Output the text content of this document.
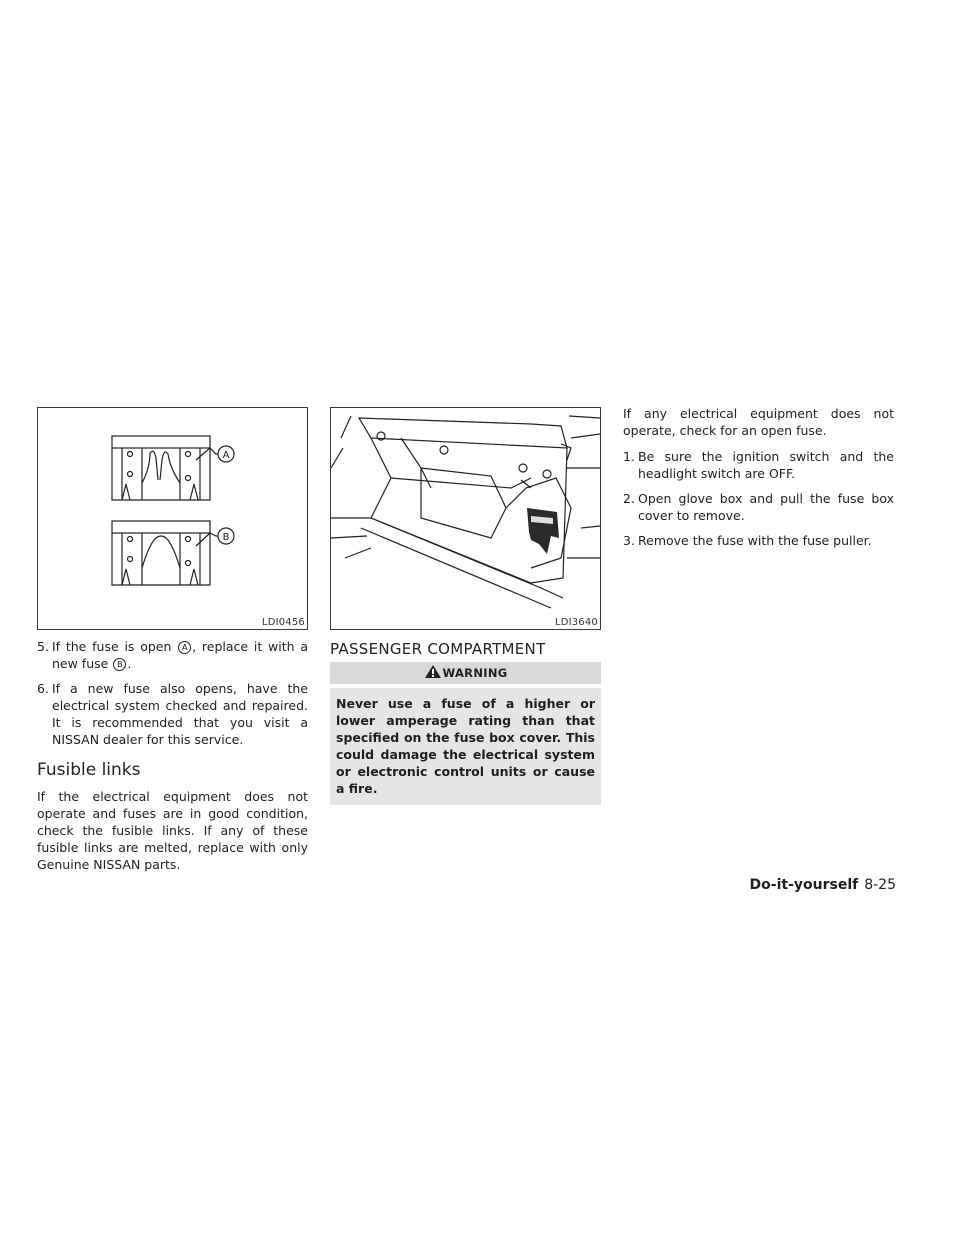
A
B
LDI0456	LDI3640
5. If the fuse is open A , replace it with a new fuse B .
6. If a new fuse also opens, have the electrical system checked and repaired. It is recommended that you visit a NISSAN dealer for this service.
Fusible links

If the electrical equipment does not operate and fuses are in good condition, check the fusible links. If any of these fusible links are melted, replace with only Genuine NISSAN parts.

PASSENGER COMPARTMENT
WARNING
Never use a fuse of a higher or lower amperage rating than that specified on the fuse box cover. This could damage the electrical system or electronic control units or cause a fire.

If any electrical equipment does not operate, check for an open fuse.

1. Be sure the ignition switch and the headlight switch are OFF.
2. Open glove box and pull the fuse box cover to remove.
3. Remove the fuse with the fuse puller.
Do-it-yourself 8-25
